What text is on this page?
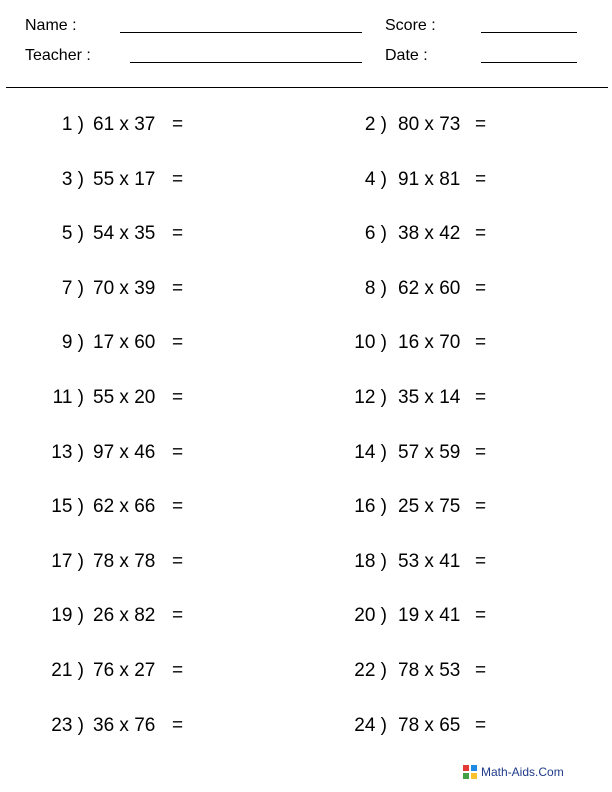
Name :	Score :
Teacher :	Date :
1 ) 61 x 37 =	2 ) 80 x 73 =
3 ) 55 x 17 =	4 ) 91 x 81 =
5 ) 54 x 35 =	6 ) 38 x 42 =
7 ) 70 x 39 =	8 ) 62 x 60 =
9 ) 17 x 60 =	10 ) 16 x 70 =
11 ) 55 x 20 =	12 ) 35 x 14 =
13 ) 97 x 46 =	14 ) 57 x 59 =
15 ) 62 x 66 =	16 ) 25 x 75 =
17 ) 78 x 78 =	18 ) 53 x 41 =
19 ) 26 x 82 =	20 ) 19 x 41 =
21 ) 76 x 27 =	22 ) 78 x 53 =
23 ) 36 x 76 =	24 ) 78 x 65 =
Math-Aids.Com
